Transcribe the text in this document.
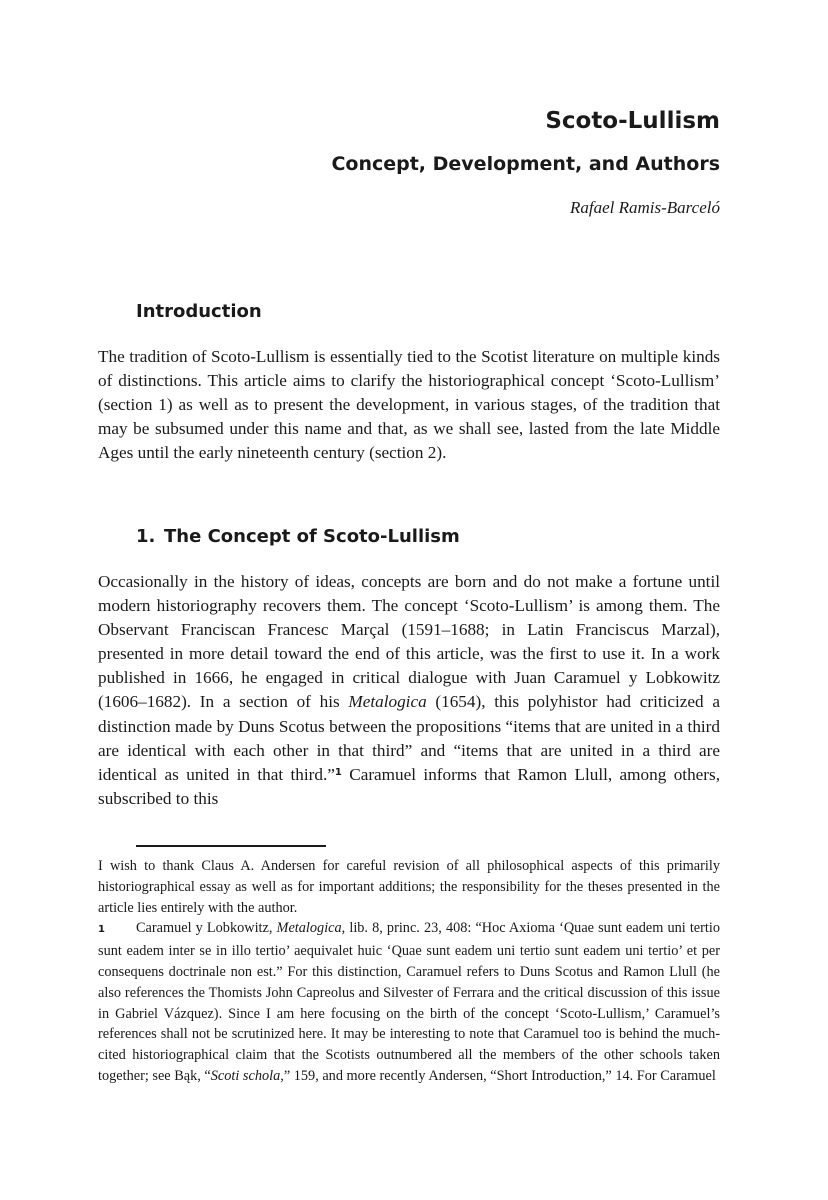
Scoto-Lullism
Concept, Development, and Authors

Rafael Ramis-Barceló

Introduction

The tradition of Scoto-Lullism is essentially tied to the Scotist literature on multiple kinds of distinctions. This article aims to clarify the historiographical concept ‘Scoto-Lullism’ (section 1) as well as to present the development, in various stages, of the tradition that may be subsumed under this name and that, as we shall see, lasted from the late Middle Ages until the early nineteenth century (section 2).

1. The Concept of Scoto-Lullism

Occasionally in the history of ideas, concepts are born and do not make a fortune until modern historiography recovers them. The concept ‘Scoto-Lullism’ is among them. The Observant Franciscan Francesc Marçal (1591–1688; in Latin Franciscus Marzal), presented in more detail toward the end of this article, was the first to use it. In a work published in 1666, he engaged in critical dialogue with Juan Caramuel y Lobkowitz (1606–1682). In a section of his Metalogica (1654), this polyhistor had criticized a distinction made by Duns Scotus between the propositions “items that are united in a third are identical with each other in that third” and “items that are united in a third are identical as united in that third.”$^1$ Caramuel informs that Ramon Llull, among others, subscribed to this

I wish to thank Claus A. Andersen for careful revision of all philosophical aspects of this primarily historiographical essay as well as for important additions; the responsibility for the theses presented in the article lies entirely with the author.

1 Caramuel y Lobkowitz, Metalogica, lib. 8, princ. 23, 408: “Hoc Axioma ‘Quae sunt eadem uni tertio sunt eadem inter se in illo tertio’ aequivalet huic ‘Quae sunt eadem uni tertio sunt eadem uni tertio’ et per consequens doctrinale non est.” For this distinction, Caramuel refers to Duns Scotus and Ramon Llull (he also references the Thomists John Capreolus and Silvester of Ferrara and the critical discussion of this issue in Gabriel Vázquez). Since I am here focusing on the birth of the concept ‘Scoto-Lullism,’ Caramuel’s references shall not be scrutinized here. It may be interesting to note that Caramuel too is behind the much-cited historiographical claim that the Scotists outnumbered all the members of the other schools taken together; see Bąk, “Scoti schola,” 159, and more recently Andersen, “Short Introduction,” 14. For Caramuel
